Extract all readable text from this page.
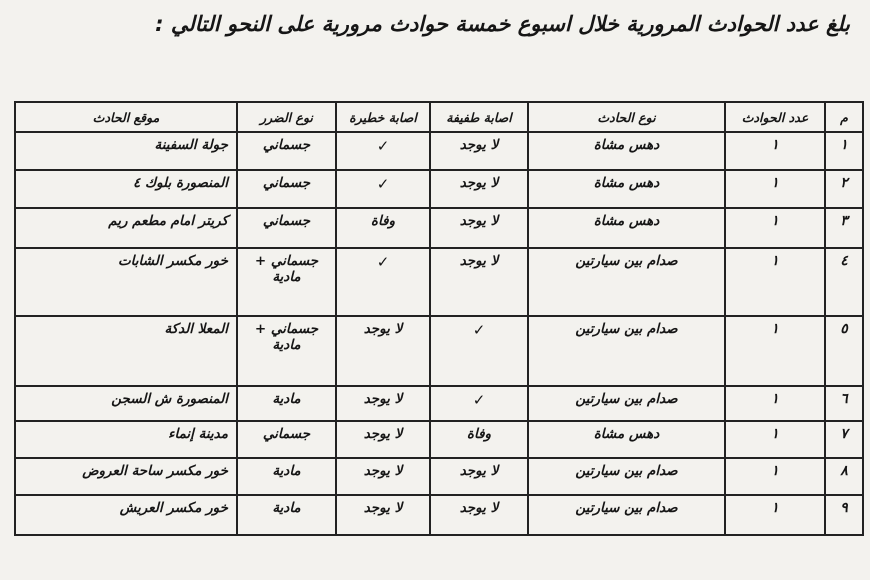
بلغ عدد الحوادث المرورية خلال اسبوع خمسة حوادث مرورية على النحو التالي :
م	عدد الحوادث	نوع الحادث	اصابة طفيفة	اصابة خطيرة	نوع الضرر	موقع الحادث
١	١	دهس مشاة	لا يوجد	✓	جسماني	جولة السفينة
٢	١	دهس مشاة	لا يوجد	✓	جسماني	المنصورة بلوك ٤
٣	١	دهس مشاة	لا يوجد	وفاة	جسماني	كريتر امام مطعم ريم
٤	١	صدام بين سيارتين	لا يوجد	✓	جسماني + مادية	خور مكسر الشابات
٥	١	صدام بين سيارتين	✓	لا يوجد	جسماني + مادية	المعلا الدكة
٦	١	صدام بين سيارتين	✓	لا يوجد	مادية	المنصورة ش السجن
٧	١	دهس مشاة	وفاة	لا يوجد	جسماني	مدينة إنماء
٨	١	صدام بين سيارتين	لا يوجد	لا يوجد	مادية	خور مكسر ساحة العروض
٩	١	صدام بين سيارتين	لا يوجد	لا يوجد	مادية	خور مكسر العريش
